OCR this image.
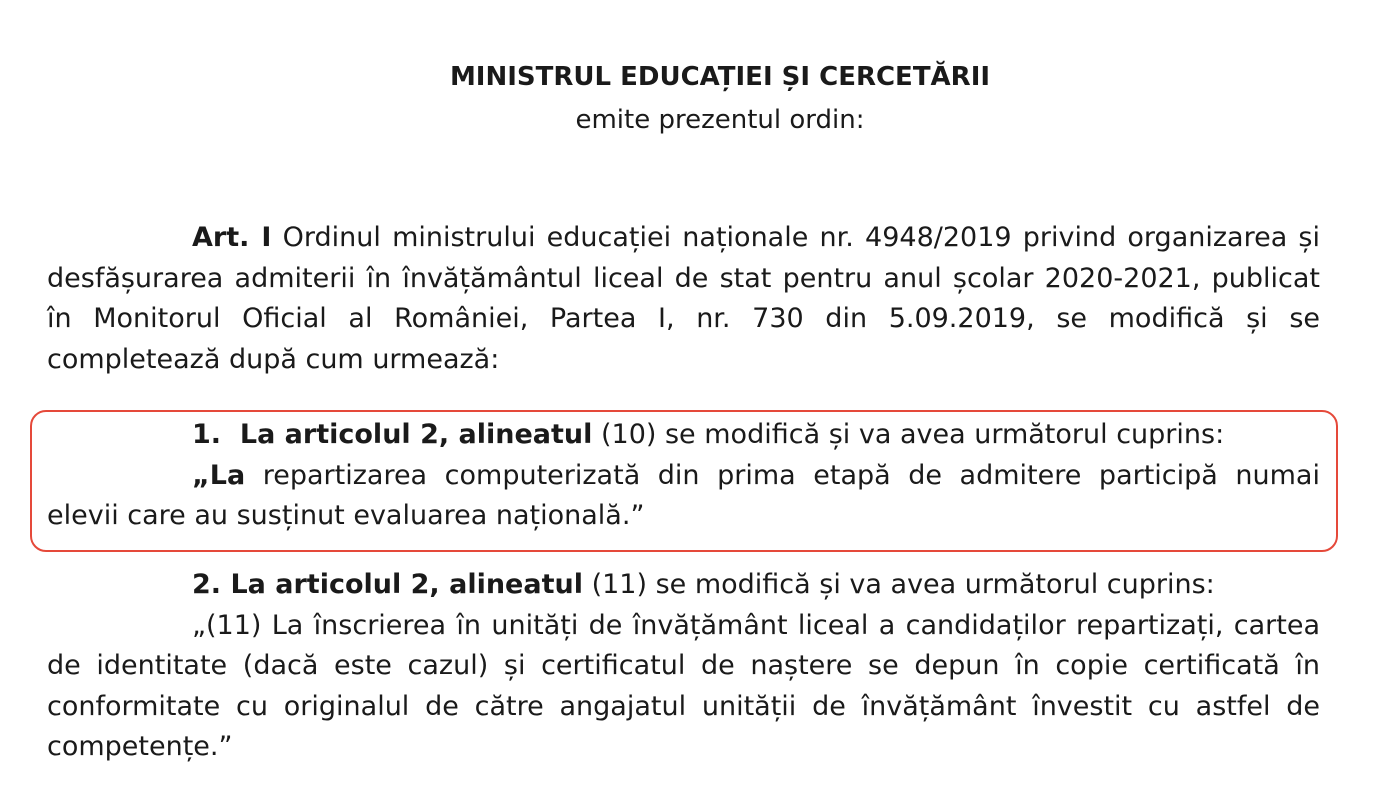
MINISTRUL EDUCAȚIEI ȘI CERCETĂRII
emite prezentul ordin:
Art. I Ordinul ministrului educației naționale nr. 4948/2019 privind organizarea și
desfășurarea admiterii în învățământul liceal de stat pentru anul școlar 2020-2021, publicat
în Monitorul Oficial al României, Partea I, nr. 730 din 5.09.2019, se modifică și se
completează după cum urmează:
1. La articolul 2, alineatul (10) se modifică și va avea următorul cuprins:
„La repartizarea computerizată din prima etapă de admitere participă numai
elevii care au susținut evaluarea națională.”
2. La articolul 2, alineatul (11) se modifică și va avea următorul cuprins:
„(11) La înscrierea în unități de învățământ liceal a candidaților repartizați, cartea
de identitate (dacă este cazul) și certificatul de naștere se depun în copie certificată în
conformitate cu originalul de către angajatul unității de învățământ învestit cu astfel de
competențe.”
